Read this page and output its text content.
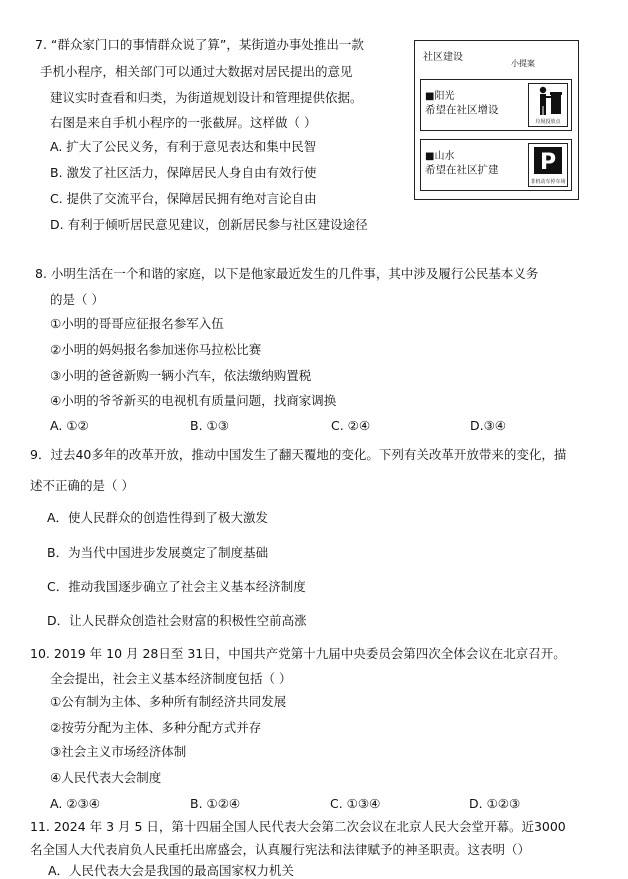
7. “群众家门口的事情群众说了算”，某街道办事处推出一款
手机小程序，相关部门可以通过大数据对居民提出的意见
建议实时查看和归类，为街道规划设计和管理提供依据。
右图是来自手机小程序的一张截屏。这样做（ ）
A. 扩大了公民义务，有利于意见表达和集中民智
B. 激发了社区活力，保障居民人身自由有效行使
C. 提供了交流平台，保障居民拥有绝对言论自由
D. 有利于倾听居民意见建议，创新居民参与社区建设途径
社区建设
小提案
■阳光
希望在社区增设
垃圾投放点
■山水
希望在社区扩建 P
非机动车停车场
8. 小明生活在一个和谐的家庭，以下是他家最近发生的几件事，其中涉及履行公民基本义务
的是（ ）
①小明的哥哥应征报名参军入伍
②小明的妈妈报名参加迷你马拉松比赛
③小明的爸爸新购一辆小汽车，依法缴纳购置税
④小明的爷爷新买的电视机有质量问题，找商家调换
A. ①②	B. ①③	C. ②④	D.③④
9．过去40多年的改革开放，推动中国发生了翻天覆地的变化。下列有关改革开放带来的变化，描
述不正确的是（ ）
A．使人民群众的创造性得到了极大激发
B．为当代中国进步发展奠定了制度基础
C．推动我国逐步确立了社会主义基本经济制度
D．让人民群众创造社会财富的积极性空前高涨
10. 2019 年 10 月 28日至 31日，中国共产党第十九届中央委员会第四次全体会议在北京召开。
全会提出，社会主义基本经济制度包括（ ）
①公有制为主体、多种所有制经济共同发展
②按劳分配为主体、多种分配方式并存
③社会主义市场经济体制
④人民代表大会制度
A. ②③④	B. ①②④	C. ①③④	D. ①②③
11. 2024 年 3 月 5 日，第十四届全国人民代表大会第二次会议在北京人民大会堂开幕。近3000
名全国人大代表肩负人民重托出席盛会，认真履行宪法和法律赋予的神圣职责。这表明（）
A．人民代表大会是我国的最高国家权力机关
